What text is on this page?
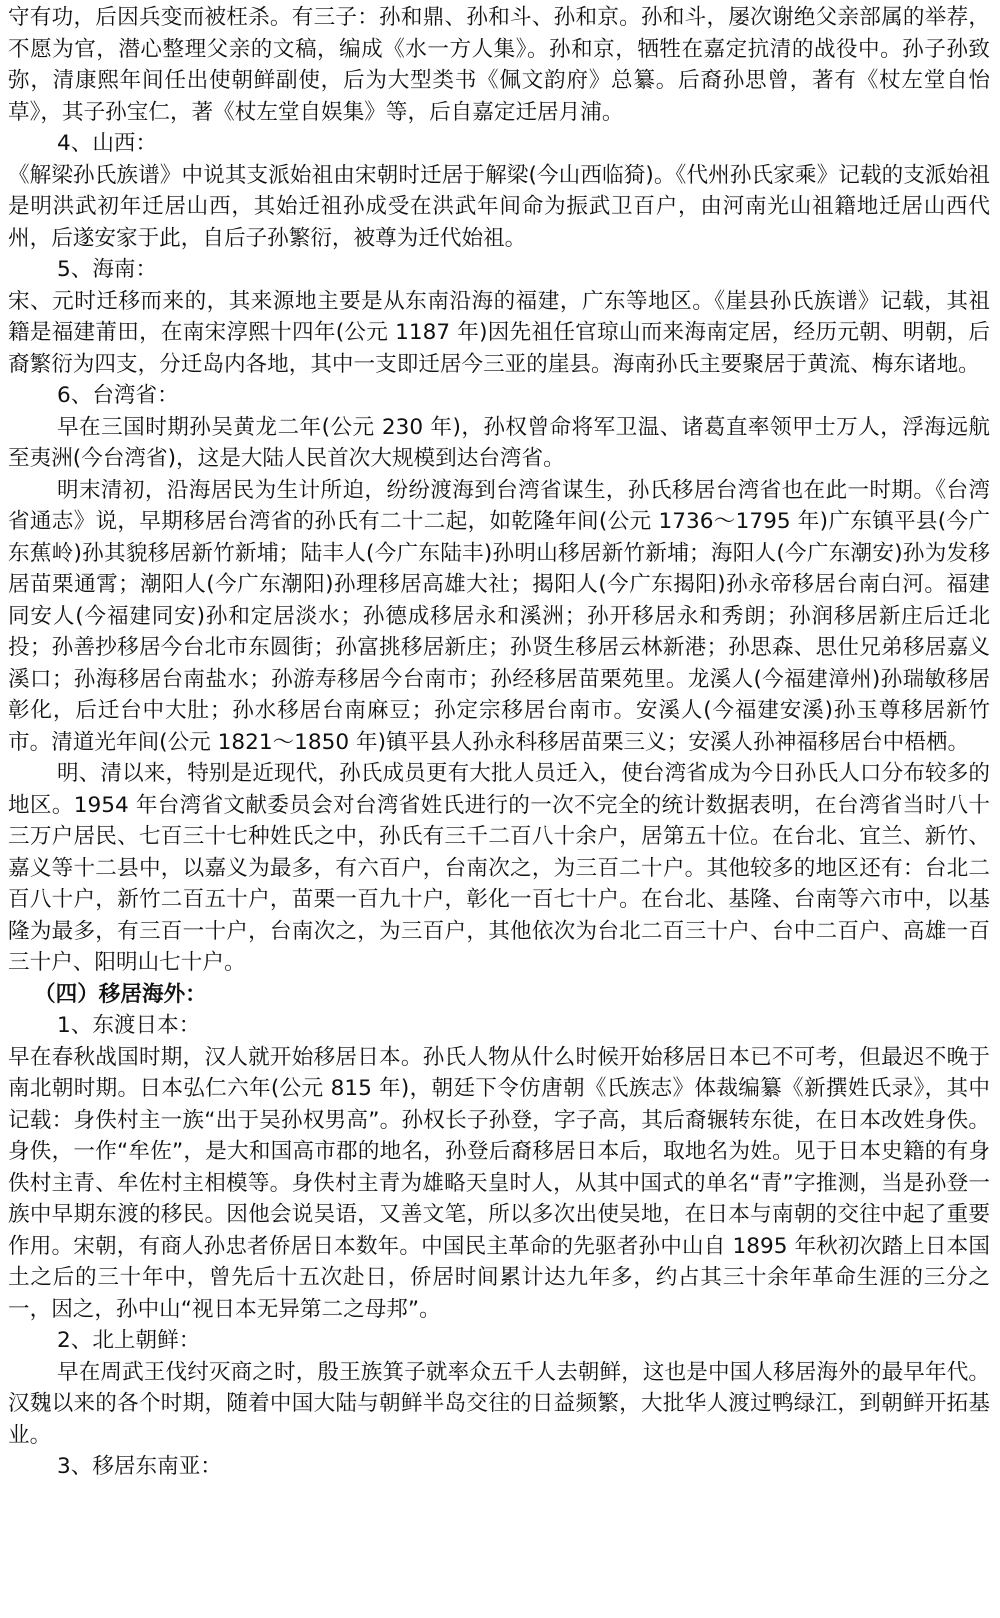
守有功，后因兵变而被枉杀。有三子：孙和鼎、孙和斗、孙和京。孙和斗，屡次谢绝父亲部属的举荐，不愿为官，潜心整理父亲的文稿，编成《水一方人集》。孙和京，牺牲在嘉定抗清的战役中。孙子孙致弥，清康熙年间任出使朝鲜副使，后为大型类书《佩文韵府》总纂。后裔孙思曾，著有《杖左堂自怡草》，其子孙宝仁，著《杖左堂自娱集》等，后自嘉定迁居月浦。

4、山西：

《解梁孙氏族谱》中说其支派始祖由宋朝时迁居于解梁(今山西临猗)。《代州孙氏家乘》记载的支派始祖是明洪武初年迁居山西，其始迁祖孙成受在洪武年间命为振武卫百户，由河南光山祖籍地迁居山西代州，后遂安家于此，自后子孙繁衍，被尊为迁代始祖。

5、海南：

宋、元时迁移而来的，其来源地主要是从东南沿海的福建，广东等地区。《崖县孙氏族谱》记载，其祖籍是福建莆田，在南宋淳熙十四年(公元 1187 年)因先祖任官琼山而来海南定居，经历元朝、明朝，后裔繁衍为四支，分迁岛内各地，其中一支即迁居今三亚的崖县。海南孙氏主要聚居于黄流、梅东诸地。

6、台湾省：

早在三国时期孙吴黄龙二年(公元 230 年)，孙权曾命将军卫温、诸葛直率领甲士万人，浮海远航至夷洲(今台湾省)，这是大陆人民首次大规模到达台湾省。

明末清初，沿海居民为生计所迫，纷纷渡海到台湾省谋生，孙氏移居台湾省也在此一时期。《台湾省通志》说，早期移居台湾省的孙氏有二十二起，如乾隆年间(公元 1736～1795 年)广东镇平县(今广东蕉岭)孙其貌移居新竹新埔；陆丰人(今广东陆丰)孙明山移居新竹新埔；海阳人(今广东潮安)孙为发移居苗栗通霄；潮阳人(今广东潮阳)孙理移居高雄大社；揭阳人(今广东揭阳)孙永帝移居台南白河。福建同安人(今福建同安)孙和定居淡水；孙德成移居永和溪洲；孙开移居永和秀朗；孙润移居新庄后迁北投；孙善抄移居今台北市东圆街；孙富挑移居新庄；孙贤生移居云林新港；孙思森、思仕兄弟移居嘉义溪口；孙海移居台南盐水；孙游寿移居今台南市；孙经移居苗栗苑里。龙溪人(今福建漳州)孙瑞敏移居彰化，后迁台中大肚；孙水移居台南麻豆；孙定宗移居台南市。安溪人(今福建安溪)孙玉尊移居新竹市。清道光年间(公元 1821～1850 年)镇平县人孙永科移居苗栗三义；安溪人孙神福移居台中梧栖。

明、清以来，特别是近现代，孙氏成员更有大批人员迁入，使台湾省成为今日孙氏人口分布较多的地区。1954 年台湾省文献委员会对台湾省姓氏进行的一次不完全的统计数据表明，在台湾省当时八十三万户居民、七百三十七种姓氏之中，孙氏有三千二百八十余户，居第五十位。在台北、宜兰、新竹、嘉义等十二县中，以嘉义为最多，有六百户，台南次之，为三百二十户。其他较多的地区还有：台北二百八十户，新竹二百五十户，苗栗一百九十户，彰化一百七十户。在台北、基隆、台南等六市中，以基隆为最多，有三百一十户，台南次之，为三百户，其他依次为台北二百三十户、台中二百户、高雄一百三十户、阳明山七十户。

（四）移居海外：

1、东渡日本：

早在春秋战国时期，汉人就开始移居日本。孙氏人物从什么时候开始移居日本已不可考，但最迟不晚于南北朝时期。日本弘仁六年(公元 815 年)，朝廷下令仿唐朝《氏族志》体裁编纂《新撰姓氏录》，其中记载：身佚村主一族“出于吴孙权男高”。孙权长子孙登，字子高，其后裔辗转东徙，在日本改姓身佚。身佚，一作“牟佐”，是大和国高市郡的地名，孙登后裔移居日本后，取地名为姓。见于日本史籍的有身佚村主青、牟佐村主相模等。身佚村主青为雄略天皇时人，从其中国式的单名“青”字推测，当是孙登一族中早期东渡的移民。因他会说吴语，又善文笔，所以多次出使吴地，在日本与南朝的交往中起了重要作用。宋朝，有商人孙忠者侨居日本数年。中国民主革命的先驱者孙中山自 1895 年秋初次踏上日本国土之后的三十年中，曾先后十五次赴日，侨居时间累计达九年多，约占其三十余年革命生涯的三分之一，因之，孙中山“视日本无异第二之母邦”。

2、北上朝鲜：

早在周武王伐纣灭商之时，殷王族箕子就率众五千人去朝鲜，这也是中国人移居海外的最早年代。汉魏以来的各个时期，随着中国大陆与朝鲜半岛交往的日益频繁，大批华人渡过鸭绿江，到朝鲜开拓基业。

3、移居东南亚：
